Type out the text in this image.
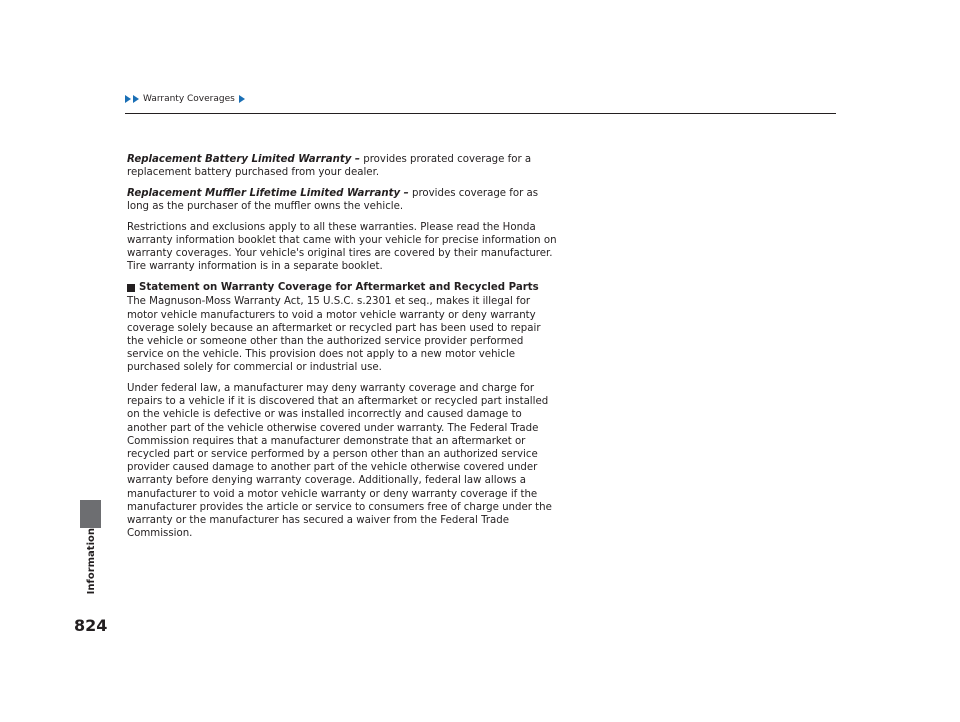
Warranty Coverages
Information
824

Replacement Battery Limited Warranty – provides prorated coverage for a replacement battery purchased from your dealer.

Replacement Muffler Lifetime Limited Warranty – provides coverage for as long as the purchaser of the muffler owns the vehicle.

Restrictions and exclusions apply to all these warranties. Please read the Honda warranty information booklet that came with your vehicle for precise information on warranty coverages. Your vehicle's original tires are covered by their manufacturer. Tire warranty information is in a separate booklet.

Statement on Warranty Coverage for Aftermarket and Recycled Parts

The Magnuson-Moss Warranty Act, 15 U.S.C. s.2301 et seq., makes it illegal for motor vehicle manufacturers to void a motor vehicle warranty or deny warranty coverage solely because an aftermarket or recycled part has been used to repair the vehicle or someone other than the authorized service provider performed service on the vehicle. This provision does not apply to a new motor vehicle purchased solely for commercial or industrial use.

Under federal law, a manufacturer may deny warranty coverage and charge for repairs to a vehicle if it is discovered that an aftermarket or recycled part installed on the vehicle is defective or was installed incorrectly and caused damage to another part of the vehicle otherwise covered under warranty. The Federal Trade Commission requires that a manufacturer demonstrate that an aftermarket or recycled part or service performed by a person other than an authorized service provider caused damage to another part of the vehicle otherwise covered under warranty before denying warranty coverage. Additionally, federal law allows a manufacturer to void a motor vehicle warranty or deny warranty coverage if the manufacturer provides the article or service to consumers free of charge under the warranty or the manufacturer has secured a waiver from the Federal Trade Commission.
